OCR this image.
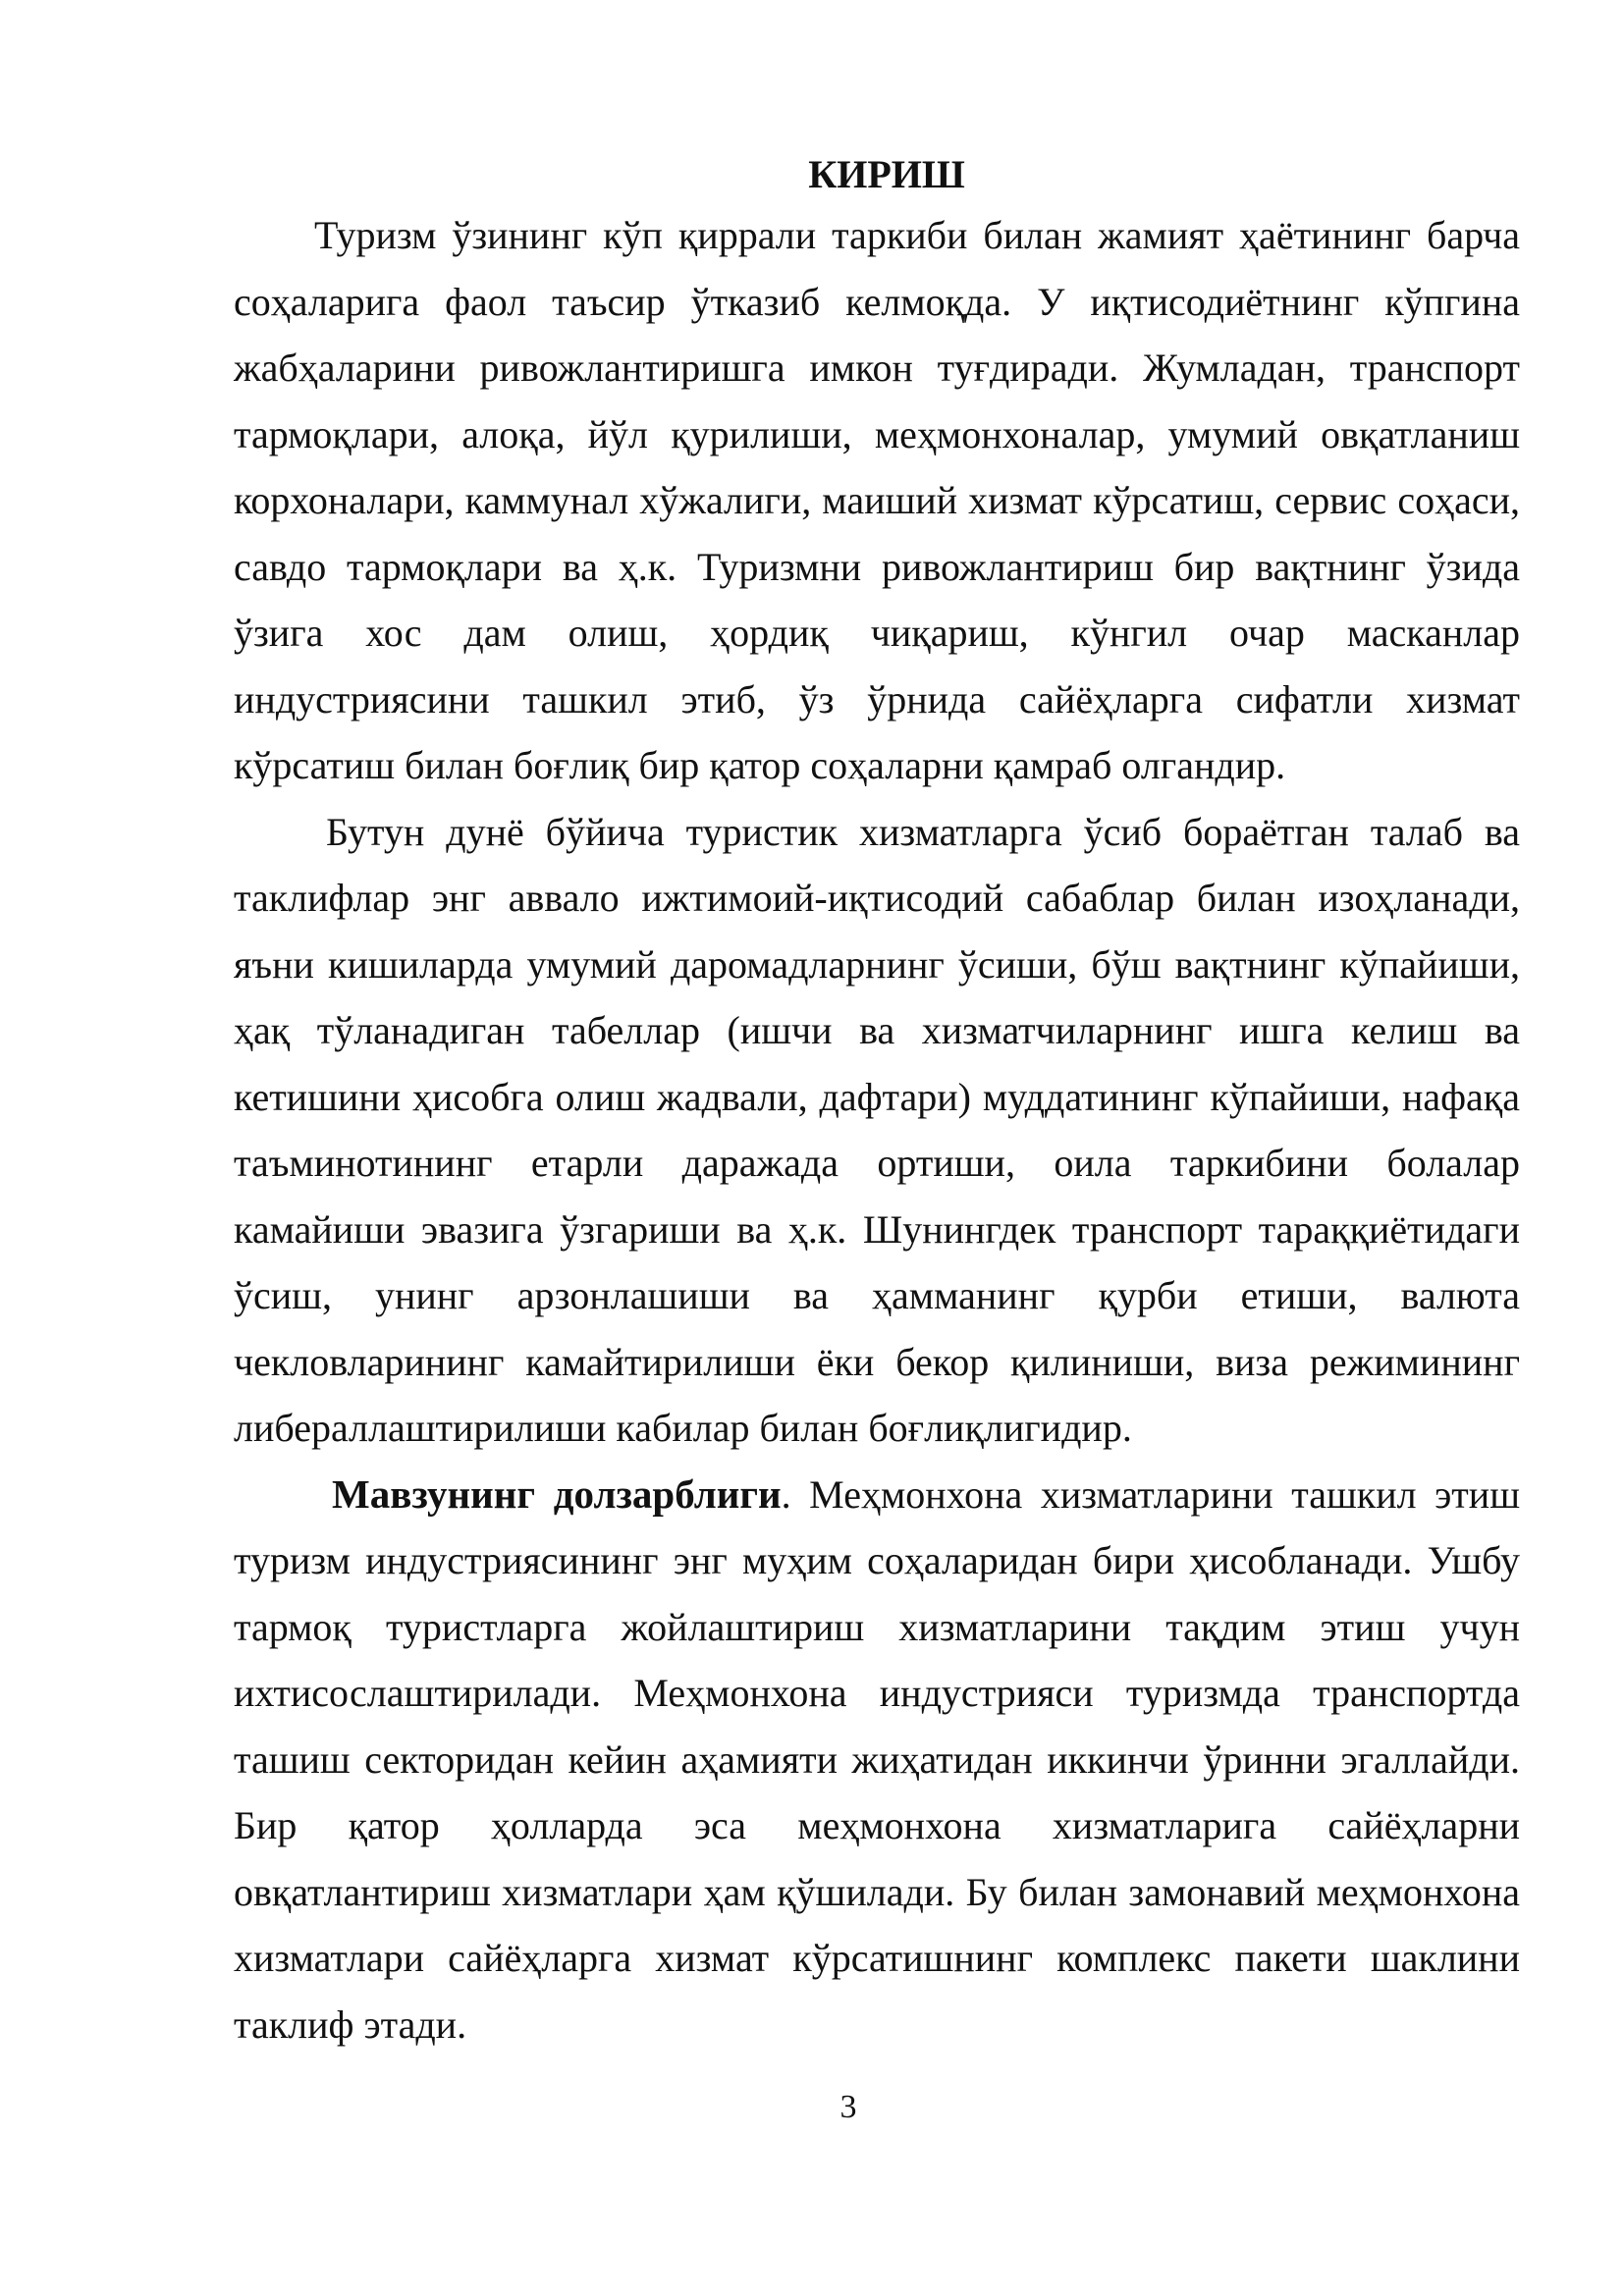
КИРИШ

Туризм ўзининг кўп қиррали таркиби билан жамият ҳаётининг барча соҳаларига фаол таъсир ўтказиб келмоқда. У иқтисодиётнинг кўпгина жабҳаларини ривожлантиришга имкон туғдиради. Жумладан, транспорт тармоқлари, алоқа, йўл қурилиши, меҳмонхоналар, умумий овқатланиш корхоналари, каммунал хўжалиги, маиший хизмат кўрсатиш, сервис соҳаси, савдо тармоқлари ва ҳ.к. Туризмни ривожлантириш бир вақтнинг ўзида ўзига хос дам олиш, ҳордиқ чиқариш, кўнгил очар масканлар индустриясини ташкил этиб, ўз ўрнида сайёҳларга сифатли хизмат кўрсатиш билан боғлиқ бир қатор соҳаларни қамраб олгандир.

Бутун дунё бўйича туристик хизматларга ўсиб бораётган талаб ва таклифлар энг аввало ижтимоий-иқтисодий сабаблар билан изоҳланади, яъни кишиларда умумий даромадларнинг ўсиши, бўш вақтнинг кўпайиши, ҳақ тўланадиган табеллар (ишчи ва хизматчиларнинг ишга келиш ва кетишини ҳисобга олиш жадвали, дафтари) муддатининг кўпайиши, нафақа таъминотининг етарли даражада ортиши, оила таркибини болалар камайиши эвазига ўзгариши ва ҳ.к. Шунингдек транспорт тараққиётидаги ўсиш, унинг арзонлашиши ва ҳамманинг қурби етиши, валюта чекловларининг камайтирилиши ёки бекор қилиниши, виза режимининг либераллаштирилиши кабилар билан боғлиқлигидир.

Мавзунинг долзарблиги. Меҳмонхона хизматларини ташкил этиш туризм индустриясининг энг муҳим соҳаларидан бири ҳисобланади. Ушбу тармоқ туристларга жойлаштириш хизматларини тақдим этиш учун ихтисослаштирилади. Меҳмонхона индустрияси туризмда транспортда ташиш секторидан кейин аҳамияти жиҳатидан иккинчи ўринни эгаллайди. Бир қатор ҳолларда эса меҳмонхона хизматларига сайёҳларни овқатлантириш хизматлари ҳам қўшилади. Бу билан замонавий меҳмонхона хизматлари сайёҳларга хизмат кўрсатишнинг комплекс пакети шаклини таклиф этади.

3
